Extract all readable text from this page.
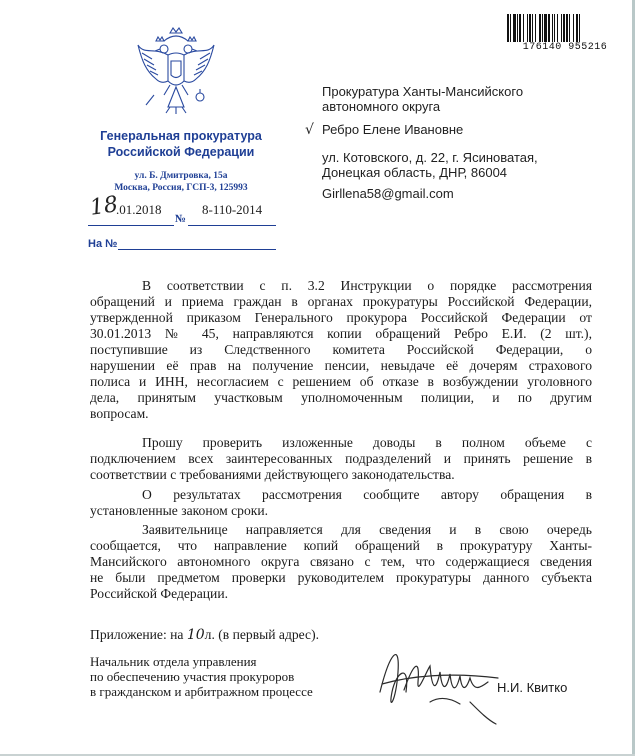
176140 955216
Генеральная прокуратура
Российской Федерации
ул. Б. Дмитровка, 15а
Москва, Россия, ГСП-3, 125993
18
.01.2018	8-110-2014
№
На №
Прокуратура Ханты-Мансийского
автономного округа
√ Ребро Елене Ивановне
ул. Котовского, д. 22, г. Ясиноватая,
Донецкая область, ДНР, 86004
Girllena58@gmail.com
В соответствии с п. 3.2 Инструкции о порядке рассмотрения
обращений и приема граждан в органах прокуратуры Российской Федерации,
утвержденной приказом Генерального прокурора Российской Федерации от
30.01.2013 № 45, направляются копии обращений Ребро Е.И. (2 шт.),
поступившие из Следственного комитета Российской Федерации, о
нарушении её прав на получение пенсии, невыдаче её дочерям страхового
полиса и ИНН, несогласием с решением об отказе в возбуждении уголовного
дела, принятым участковым уполномоченным полиции, и по другим
вопросам.
Прошу проверить изложенные доводы в полном объеме с
подключением всех заинтересованных подразделений и принять решение в
соответствии с требованиями действующего законодательства.
О результатах рассмотрения сообщите автору обращения в
установленные законом сроки.
Заявительнице направляется для сведения и в свою очередь
сообщается, что направление копий обращений в прокуратуру Ханты-
Мансийского автономного округа связано с тем, что содержащиеся сведения
не были предметом проверки руководителем прокуратуры данного субъекта
Российской Федерации.
Приложение: на 10л. (в первый адрес).
Начальник отдела управления
по обеспечению участия прокуроров
в гражданском и арбитражном процессе	Н.И. Квитко
